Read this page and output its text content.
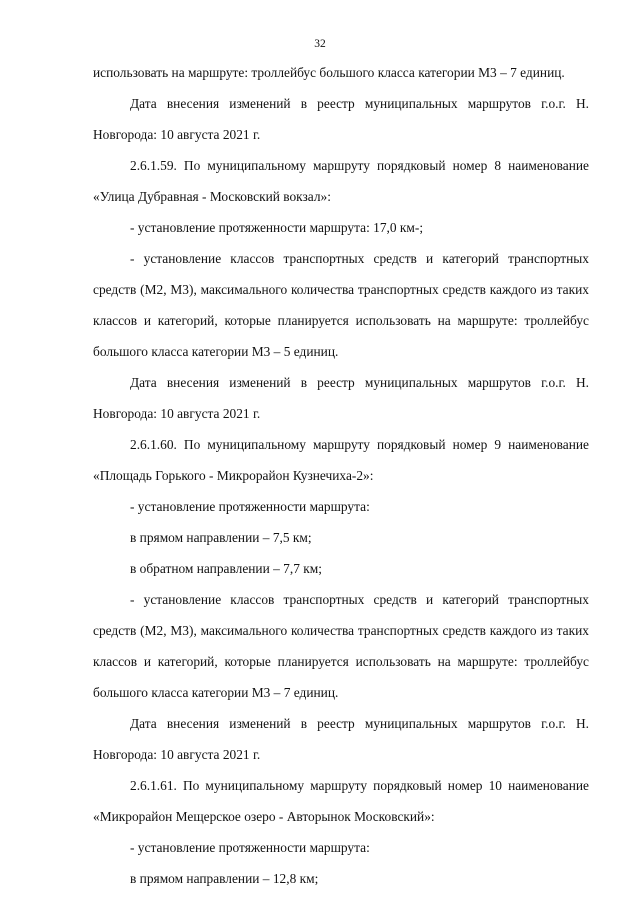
32

использовать на маршруте: троллейбус большого класса категории М3 – 7 единиц.

Дата внесения изменений в реестр муниципальных маршрутов г.о.г. Н. Новгорода: 10 августа 2021 г.

2.6.1.59. По муниципальному маршруту порядковый номер 8 наименование «Улица Дубравная - Московский вокзал»:

- установление протяженности маршрута: 17,0 км-;

- установление классов транспортных средств и категорий транспортных средств (М2, М3), максимального количества транспортных средств каждого из таких классов и категорий, которые планируется использовать на маршруте: троллейбус большого класса категории М3 – 5 единиц.

Дата внесения изменений в реестр муниципальных маршрутов г.о.г. Н. Новгорода: 10 августа 2021 г.

2.6.1.60. По муниципальному маршруту порядковый номер 9 наименование «Площадь Горького - Микрорайон Кузнечиха-2»:

- установление протяженности маршрута:

в прямом направлении – 7,5 км;

в обратном направлении – 7,7 км;

- установление классов транспортных средств и категорий транспортных средств (М2, М3), максимального количества транспортных средств каждого из таких классов и категорий, которые планируется использовать на маршруте: троллейбус большого класса категории М3 – 7 единиц.

Дата внесения изменений в реестр муниципальных маршрутов г.о.г. Н. Новгорода: 10 августа 2021 г.

2.6.1.61. По муниципальному маршруту порядковый номер 10 наименование «Микрорайон Мещерское озеро - Авторынок Московский»:

- установление протяженности маршрута:

в прямом направлении – 12,8 км;
